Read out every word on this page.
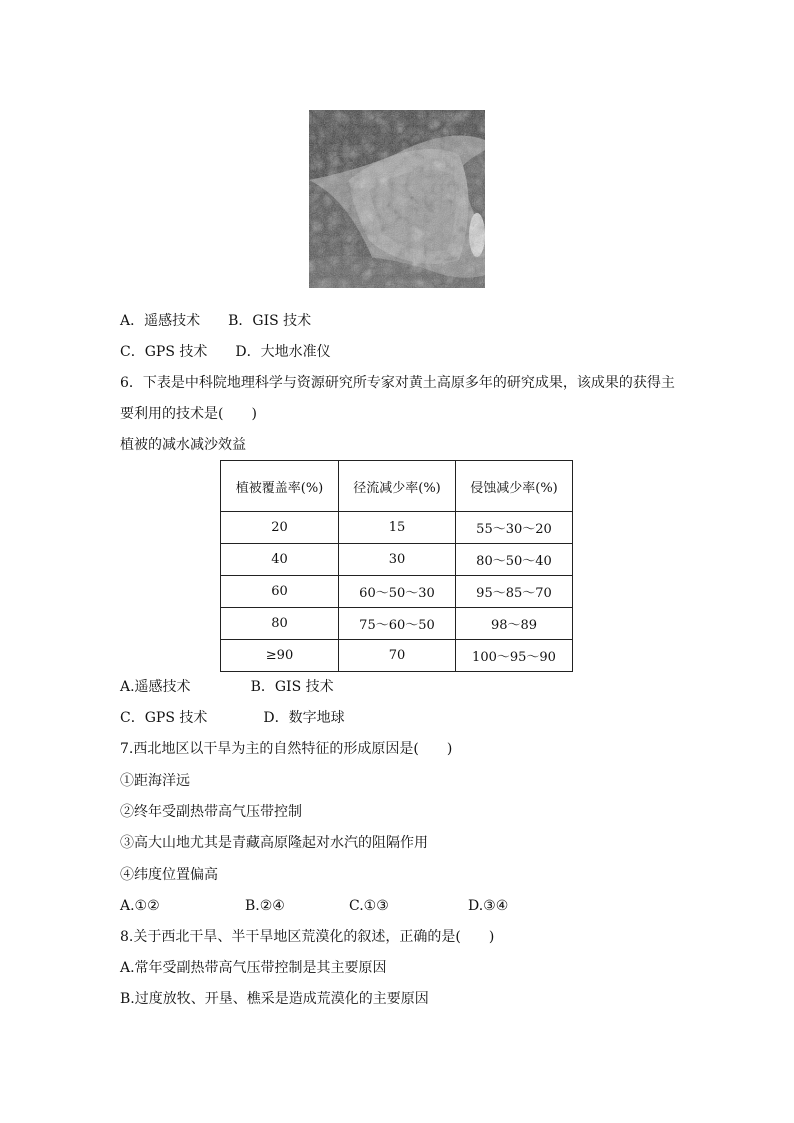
A．遥感技术 B．GIS 技术
C．GPS 技术 D．大地水准仪
6．下表是中科院地理科学与资源研究所专家对黄土高原多年的研究成果，该成果的获得主
要利用的技术是(　　)
植被的减水减沙效益
植被覆盖率(%)	径流减少率(%)	侵蚀减少率(%)
20	15	55～30～20
40	30	80～50～40
60	60～50～30	95～85～70
80	75～60～50	98～89
≥90	70	100～95～90
A.遥感技术	B．GIS 技术
C．GPS 技术	D．数字地球
7.西北地区以干旱为主的自然特征的形成原因是(　　)
①距海洋远
②终年受副热带高气压带控制
③高大山地尤其是青藏高原隆起对水汽的阻隔作用
④纬度位置偏高
A.①②	B.②④	C.①③	D.③④
8.关于西北干旱、半干旱地区荒漠化的叙述，正确的是(　　)
A.常年受副热带高气压带控制是其主要原因
B.过度放牧、开垦、樵采是造成荒漠化的主要原因
